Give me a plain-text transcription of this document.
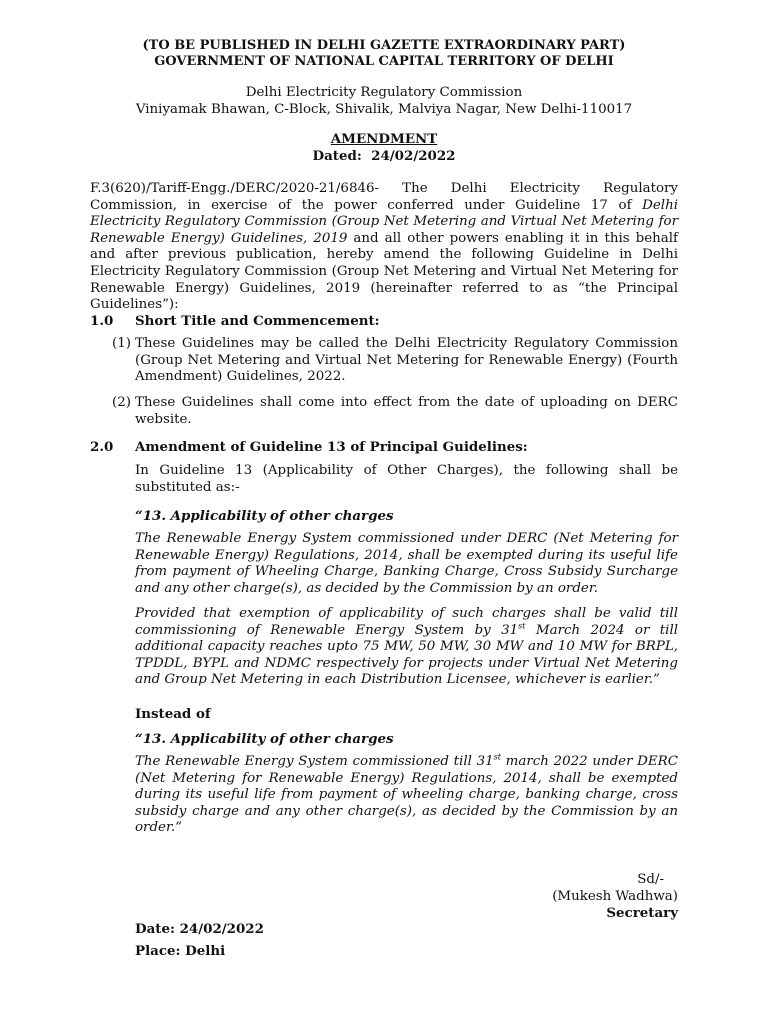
(TO BE PUBLISHED IN DELHI GAZETTE EXTRAORDINARY PART)
GOVERNMENT OF NATIONAL CAPITAL TERRITORY OF DELHI
Delhi Electricity Regulatory Commission
Viniyamak Bhawan, C-Block, Shivalik, Malviya Nagar, New Delhi-110017
AMENDMENT
Dated: 24/02/2022
F.3(620)/Tariff-Engg./DERC/2020-21/6846- The Delhi Electricity Regulatory Commission, in exercise of the power conferred under Guideline 17 of Delhi Electricity Regulatory Commission (Group Net Metering and Virtual Net Metering for Renewable Energy) Guidelines, 2019 and all other powers enabling it in this behalf and after previous publication, hereby amend the following Guideline in Delhi Electricity Regulatory Commission (Group Net Metering and Virtual Net Metering for Renewable Energy) Guidelines, 2019 (hereinafter referred to as “the Principal Guidelines”):
1.0 Short Title and Commencement:
(1) These Guidelines may be called the Delhi Electricity Regulatory Commission (Group Net Metering and Virtual Net Metering for Renewable Energy) (Fourth Amendment) Guidelines, 2022.
(2) These Guidelines shall come into effect from the date of uploading on DERC website.
2.0 Amendment of Guideline 13 of Principal Guidelines:
In Guideline 13 (Applicability of Other Charges), the following shall be substituted as:-
“13. Applicability of other charges
The Renewable Energy System commissioned under DERC (Net Metering for Renewable Energy) Regulations, 2014, shall be exempted during its useful life from payment of Wheeling Charge, Banking Charge, Cross Subsidy Surcharge and any other charge(s), as decided by the Commission by an order.
Provided that exemption of applicability of such charges shall be valid till commissioning of Renewable Energy System by 31st March 2024 or till additional capacity reaches upto 75 MW, 50 MW, 30 MW and 10 MW for BRPL, TPDDL, BYPL and NDMC respectively for projects under Virtual Net Metering and Group Net Metering in each Distribution Licensee, whichever is earlier.”
Instead of
“13. Applicability of other charges
The Renewable Energy System commissioned till 31st march 2022 under DERC (Net Metering for Renewable Energy) Regulations, 2014, shall be exempted during its useful life from payment of wheeling charge, banking charge, cross subsidy charge and any other charge(s), as decided by the Commission by an order.”
Sd/-
(Mukesh Wadhwa)
Secretary
Date: 24/02/2022
Place: Delhi
